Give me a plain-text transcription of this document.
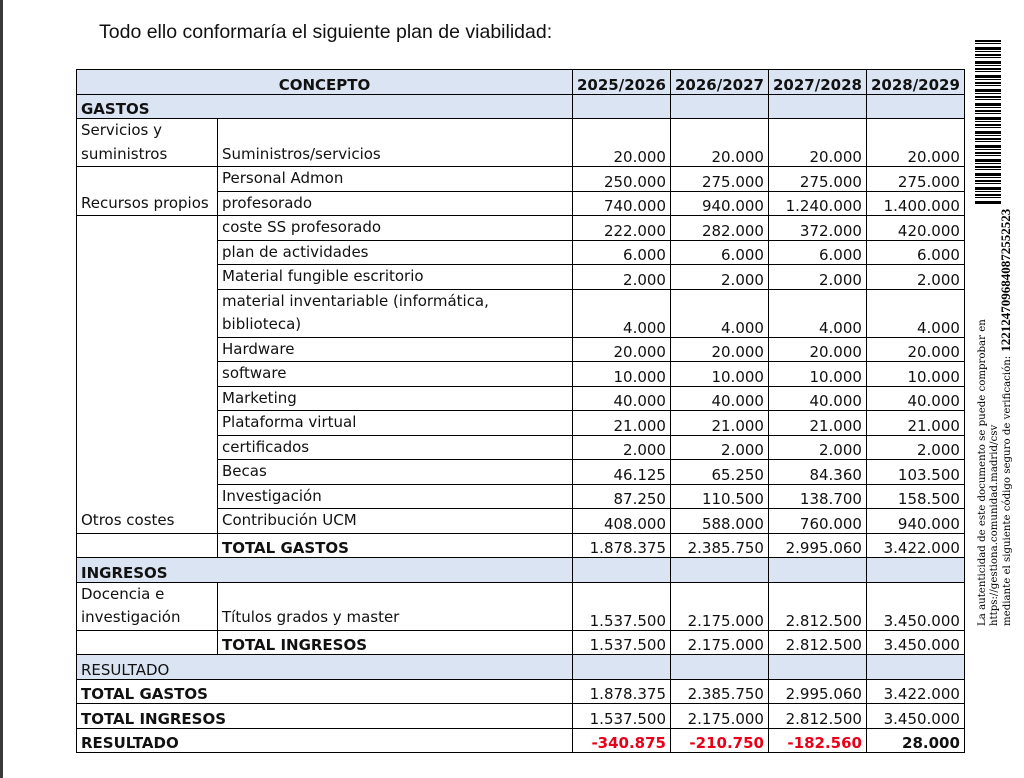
Todo ello conformaría el siguiente plan de viabilidad:

CONCEPTO		2025/2026	2026/2027	2027/2028	2028/2029
GASTOS					
Servicios y suministros	Suministros/servicios	20.000	20.000	20.000	20.000
Recursos propios	Personal Admon	250.000	275.000	275.000	275.000
	profesorado	740.000	940.000	1.240.000	1.400.000
Otros costes	coste SS profesorado	222.000	282.000	372.000	420.000
	plan de actividades	6.000	6.000	6.000	6.000
	Material fungible escritorio	2.000	2.000	2.000	2.000
	material inventariable (informática, biblioteca)	4.000	4.000	4.000	4.000
	Hardware	20.000	20.000	20.000	20.000
	software	10.000	10.000	10.000	10.000
	Marketing	40.000	40.000	40.000	40.000
	Plataforma virtual	21.000	21.000	21.000	21.000
	certificados	2.000	2.000	2.000	2.000
	Becas	46.125	65.250	84.360	103.500
	Investigación	87.250	110.500	138.700	158.500
	Contribución UCM	408.000	588.000	760.000	940.000
	TOTAL GASTOS	1.878.375	2.385.750	2.995.060	3.422.000
INGRESOS					
Docencia e investigación	Títulos grados y master	1.537.500	2.175.000	2.812.500	3.450.000
	TOTAL INGRESOS	1.537.500	2.175.000	2.812.500	3.450.000
RESULTADO					
TOTAL GASTOS		1.878.375	2.385.750	2.995.060	3.422.000
TOTAL INGRESOS		1.537.500	2.175.000	2.812.500	3.450.000
RESULTADO		-340.875	-210.750	-182.560	28.000
La autenticidad de este documento se puede comprobar en https://gestiona.comunidad.madrid/csv mediante el siguiente código seguro de verificación:1221247096840872552523
